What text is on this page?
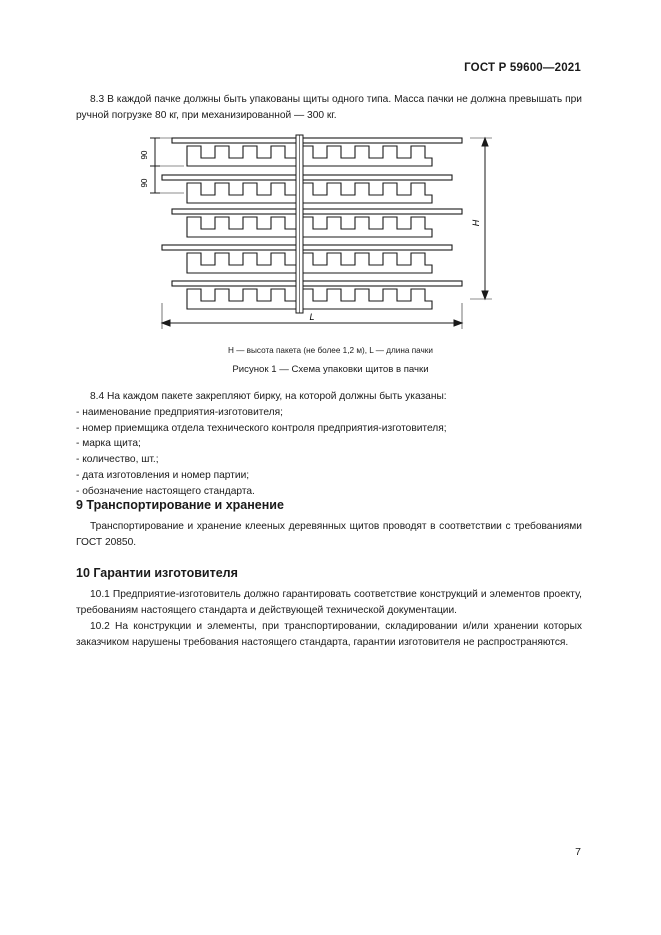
ГОСТ Р 59600—2021
8.3 В каждой пачке должны быть упакованы щиты одного типа. Масса пачки не должна превышать при ручной погрузке 80 кг, при механизированной — 300 кг.
90
90
H
L
H — высота пакета (не более 1,2 м), L — длина пачки
Рисунок 1 — Схема упаковки щитов в пачки
8.4 На каждом пакете закрепляют бирку, на которой должны быть указаны:
- наименование предприятия-изготовителя;
- номер приемщика отдела технического контроля предприятия-изготовителя;
- марка щита;
- количество, шт.;
- дата изготовления и номер партии;
- обозначение настоящего стандарта.
9 Транспортирование и хранение
Транспортирование и хранение клееных деревянных щитов проводят в соответствии с требованиями ГОСТ 20850.
10 Гарантии изготовителя
10.1 Предприятие-изготовитель должно гарантировать соответствие конструкций и элементов проекту, требованиям настоящего стандарта и действующей технической документации.
10.2 На конструкции и элементы, при транспортировании, складировании и/или хранении которых заказчиком нарушены требования настоящего стандарта, гарантии изготовителя не распространяются.
7
